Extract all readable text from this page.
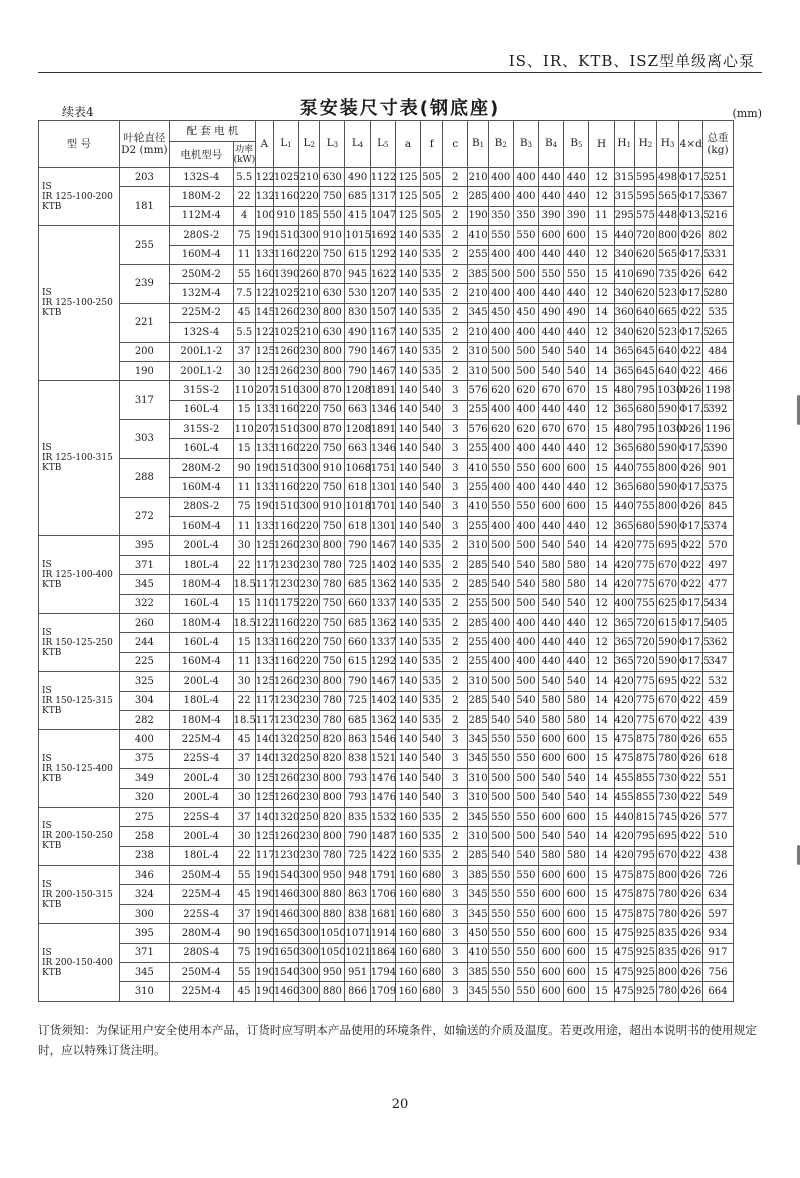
IS、IR、KTB、ISZ型单级离心泵
续表4	泵安装尺寸表(钢底座)	(mm)
型 号	叶轮直径 D2 (mm)	配 套 电 机		A	L1	L2	L3	L4	L5	a	f	c	B1	B2	B3	B4	B5	H	H1	H2	H3	4×d	总重 (kg)
		电机型号	功率 (kW)																				

IS
IR 125-100-200
KTB	203	132S-4	5.5	122	1025	210	630	490	1122	125	505	2	210	400	400	440	440	12	315	595	498	Φ17.5	251
	181	180M-2	22	132	1160	220	750	685	1317	125	505	2	285	400	400	440	440	12	315	595	565	Φ17.5	367
		112M-4	4	100	910	185	550	415	1047	125	505	2	190	350	350	390	390	11	295	575	448	Φ13.5	216

IS
IR 125-100-250
KTB	255	280S-2	75	190	1510	300	910	1015	1692	140	535	2	410	550	550	600	600	15	440	720	800	Φ26	802
		160M-4	11	133	1160	220	750	615	1292	140	535	2	255	400	400	440	440	12	340	620	565	Φ17.5	331
	239	250M-2	55	160	1390	260	870	945	1622	140	535	2	385	500	500	550	550	15	410	690	735	Φ26	642
		132M-4	7.5	122	1025	210	630	530	1207	140	535	2	210	400	400	440	440	12	340	620	523	Φ17.5	280
	221	225M-2	45	145	1260	230	800	830	1507	140	535	2	345	450	450	490	490	14	360	640	665	Φ22	535
		132S-4	5.5	122	1025	210	630	490	1167	140	535	2	210	400	400	440	440	12	340	620	523	Φ17.5	265
	200	200L1-2	37	125	1260	230	800	790	1467	140	535	2	310	500	500	540	540	14	365	645	640	Φ22	484
	190	200L1-2	30	125	1260	230	800	790	1467	140	535	2	310	500	500	540	540	14	365	645	640	Φ22	466

IS
IR 125-100-315
KTB	317	315S-2	110	207	1510	300	870	1208	1891	140	540	3	576	620	620	670	670	15	480	795	1030	Φ26	1198
		160L-4	15	133	1160	220	750	663	1346	140	540	3	255	400	400	440	440	12	365	680	590	Φ17.5	392
	303	315S-2	110	207	1510	300	870	1208	1891	140	540	3	576	620	620	670	670	15	480	795	1030	Φ26	1196
		160L-4	15	133	1160	220	750	663	1346	140	540	3	255	400	400	440	440	12	365	680	590	Φ17.5	390
	288	280M-2	90	190	1510	300	910	1068	1751	140	540	3	410	550	550	600	600	15	440	755	800	Φ26	901
		160M-4	11	133	1160	220	750	618	1301	140	540	3	255	400	400	440	440	12	365	680	590	Φ17.5	375
	272	280S-2	75	190	1510	300	910	1018	1701	140	540	3	410	550	550	600	600	15	440	755	800	Φ26	845
		160M-4	11	133	1160	220	750	618	1301	140	540	3	255	400	400	440	440	12	365	680	590	Φ17.5	374

IS
IR 125-100-400
KTB	395	200L-4	30	125	1260	230	800	790	1467	140	535	2	310	500	500	540	540	14	420	775	695	Φ22	570
	371	180L-4	22	117	1230	230	780	725	1402	140	535	2	285	540	540	580	580	14	420	775	670	Φ22	497
	345	180M-4	18.5	117	1230	230	780	685	1362	140	535	2	285	540	540	580	580	14	420	775	670	Φ22	477
	322	160L-4	15	110	1175	220	750	660	1337	140	535	2	255	500	500	540	540	12	400	755	625	Φ17.5	434

IS
IR 150-125-250
KTB	260	180M-4	18.5	122	1160	220	750	685	1362	140	535	2	285	400	400	440	440	12	365	720	615	Φ17.5	405
	244	160L-4	15	133	1160	220	750	660	1337	140	535	2	255	400	400	440	440	12	365	720	590	Φ17.5	362
	225	160M-4	11	133	1160	220	750	615	1292	140	535	2	255	400	400	440	440	12	365	720	590	Φ17.5	347

IS
IR 150-125-315
KTB	325	200L-4	30	125	1260	230	800	790	1467	140	535	2	310	500	500	540	540	14	420	775	695	Φ22	532
	304	180L-4	22	117	1230	230	780	725	1402	140	535	2	285	540	540	580	580	14	420	775	670	Φ22	459
	282	180M-4	18.5	117	1230	230	780	685	1362	140	535	2	285	540	540	580	580	14	420	775	670	Φ22	439

IS
IR 150-125-400
KTB	400	225M-4	45	140	1320	250	820	863	1546	140	540	3	345	550	550	600	600	15	475	875	780	Φ26	655
	375	225S-4	37	140	1320	250	820	838	1521	140	540	3	345	550	550	600	600	15	475	875	780	Φ26	618
	349	200L-4	30	125	1260	230	800	793	1476	140	540	3	310	500	500	540	540	14	455	855	730	Φ22	551
	320	200L-4	30	125	1260	230	800	793	1476	140	540	3	310	500	500	540	540	14	455	855	730	Φ22	549

IS
IR 200-150-250
KTB	275	225S-4	37	140	1320	250	820	835	1532	160	535	2	345	550	550	600	600	15	440	815	745	Φ26	577
	258	200L-4	30	125	1260	230	800	790	1487	160	535	2	310	500	500	540	540	14	420	795	695	Φ22	510
	238	180L-4	22	117	1230	230	780	725	1422	160	535	2	285	540	540	580	580	14	420	795	670	Φ22	438

IS
IR 200-150-315
KTB	346	250M-4	55	190	1540	300	950	948	1791	160	680	3	385	550	550	600	600	15	475	875	800	Φ26	726
	324	225M-4	45	190	1460	300	880	863	1706	160	680	3	345	550	550	600	600	15	475	875	780	Φ26	634
	300	225S-4	37	190	1460	300	880	838	1681	160	680	3	345	550	550	600	600	15	475	875	780	Φ26	597

IS
IR 200-150-400
KTB	395	280M-4	90	190	1650	300	1050	1071	1914	160	680	3	450	550	550	600	600	15	475	925	835	Φ26	934
	371	280S-4	75	190	1650	300	1050	1021	1864	160	680	3	410	550	550	600	600	15	475	925	835	Φ26	917
	345	250M-4	55	190	1540	300	950	951	1794	160	680	3	385	550	550	600	600	15	475	925	800	Φ26	756
	310	225M-4	45	190	1460	300	880	866	1709	160	680	3	345	550	550	600	600	15	475	925	780	Φ26	664
订货须知：为保证用户安全使用本产品，订货时应写明本产品使用的环境条件，如输送的介质及温度。若更改用途，超出本说明书的使用规定时，应以特殊订货注明。
20
